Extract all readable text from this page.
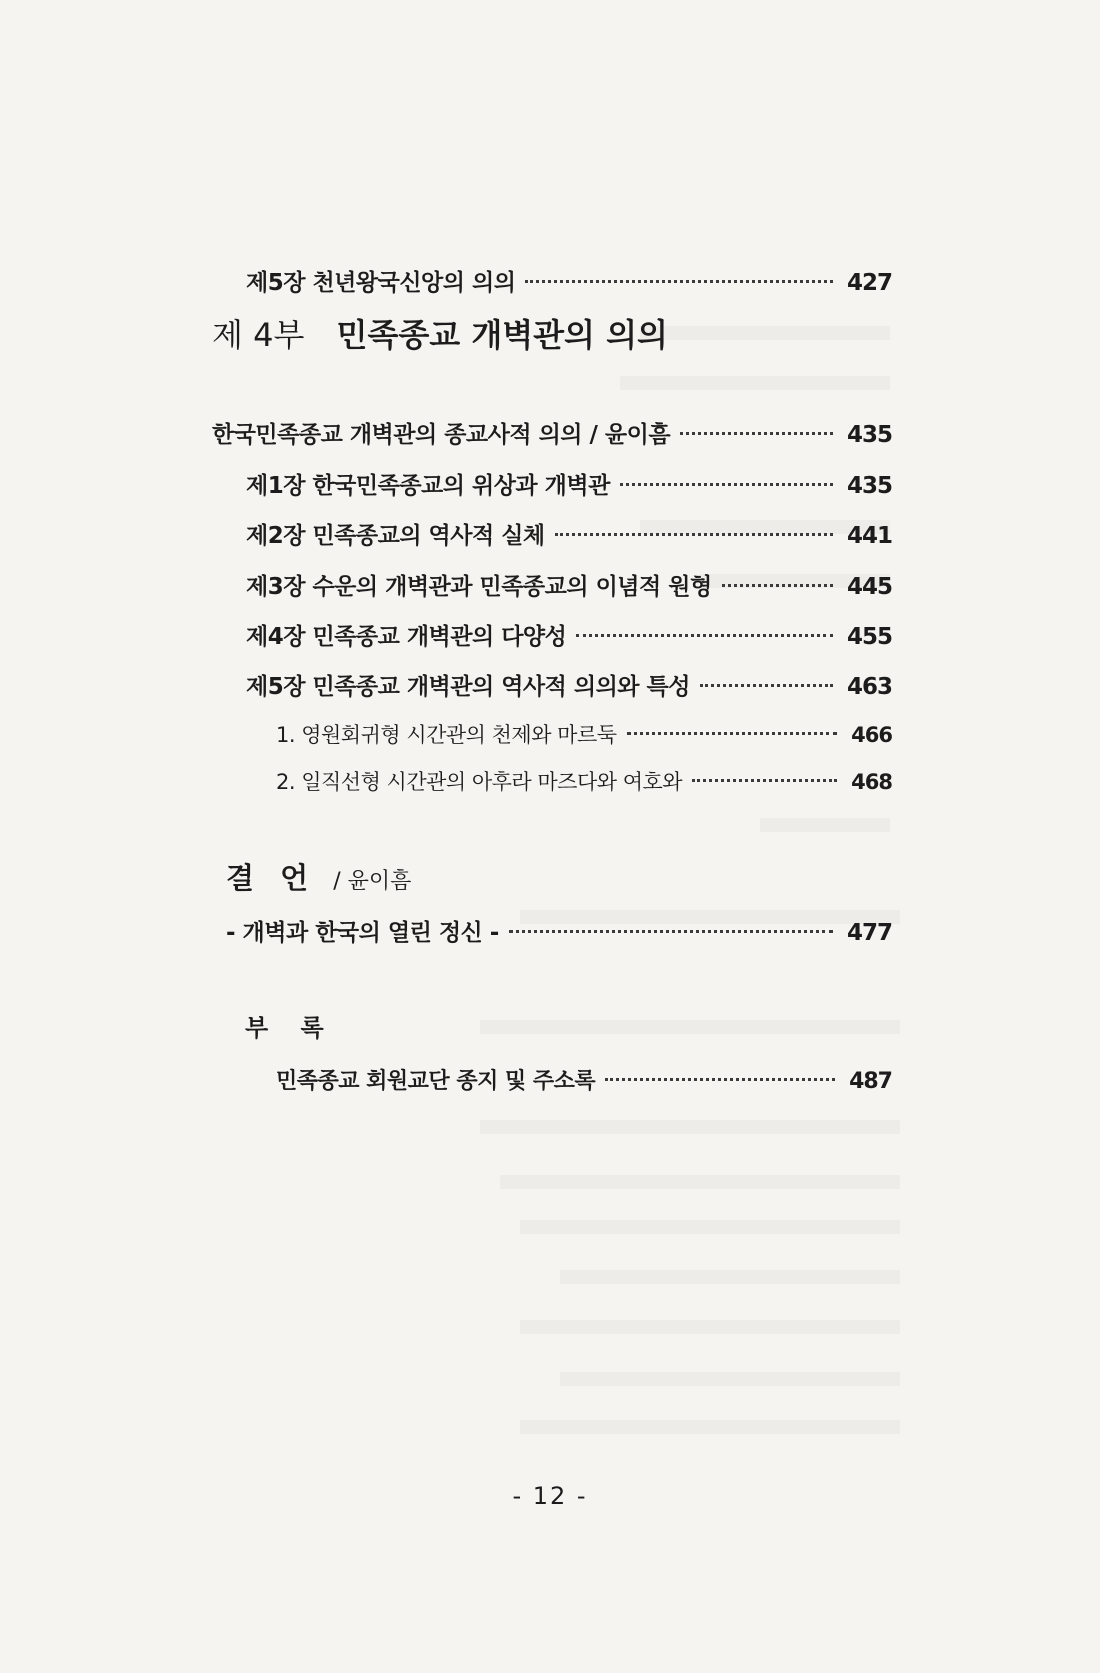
제5장 천년왕국신앙의 의의	427
제 4부 민족종교 개벽관의 의의
한국민족종교 개벽관의 종교사적 의의 / 윤이흠	435
제1장 한국민족종교의 위상과 개벽관	435
제2장 민족종교의 역사적 실체	441
제3장 수운의 개벽관과 민족종교의 이념적 원형	445
제4장 민족종교 개벽관의 다양성	455
제5장 민족종교 개벽관의 역사적 의의와 특성	463
1. 영원회귀형 시간관의 천제와 마르둑	466
2. 일직선형 시간관의 아후라 마즈다와 여호와	468
결 언 / 윤이흠
- 개벽과 한국의 열린 정신 -	477
부 록
민족종교 회원교단 종지 및 주소록	487
- 12 -
